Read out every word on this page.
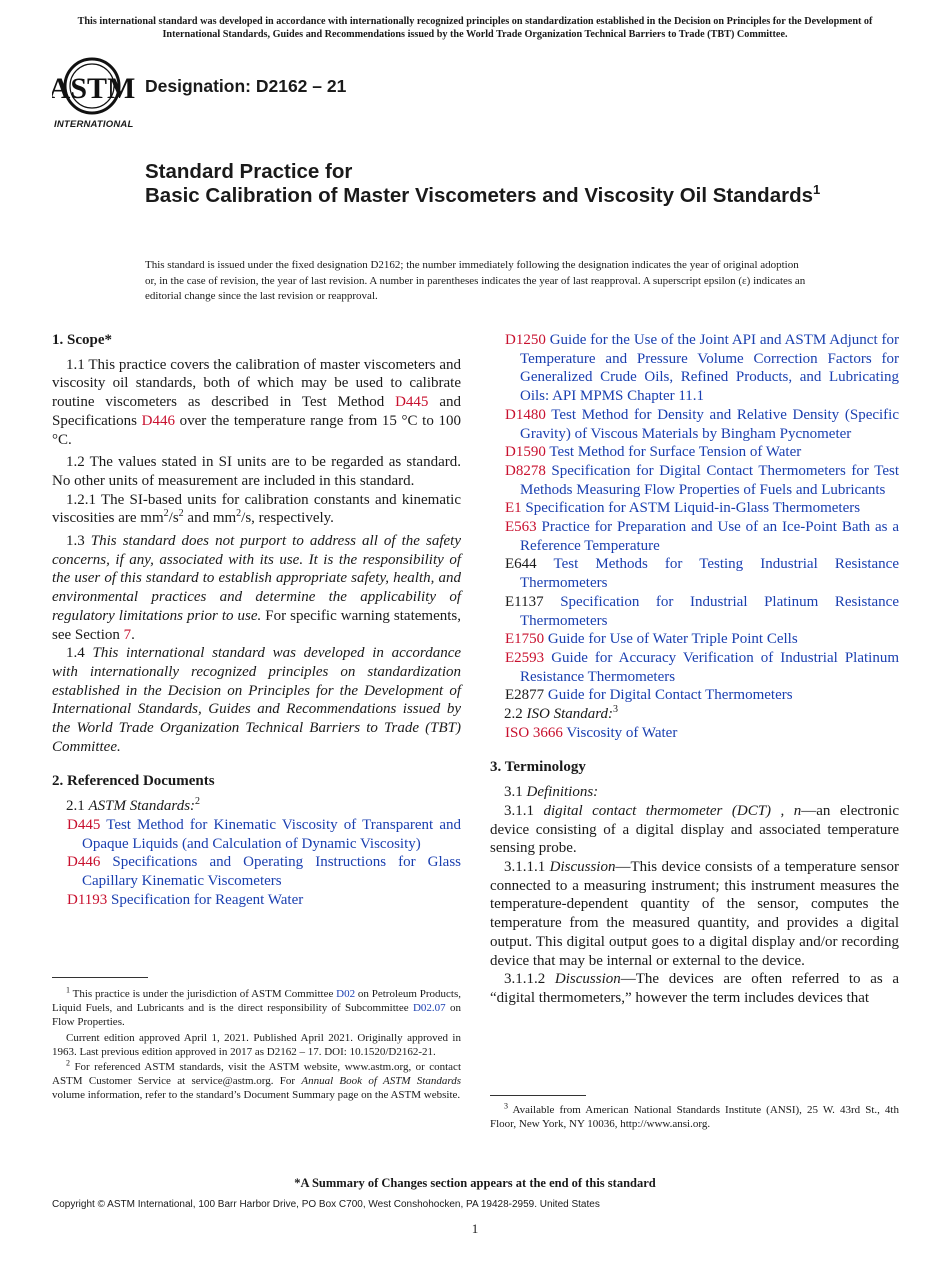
This international standard was developed in accordance with internationally recognized principles on standardization established in the Decision on Principles for the Development of International Standards, Guides and Recommendations issued by the World Trade Organization Technical Barriers to Trade (TBT) Committee.
ASTM
INTERNATIONAL
Designation: D2162 – 21
Standard Practice for
Basic Calibration of Master Viscometers and Viscosity Oil Standards$^1$
This standard is issued under the fixed designation D2162; the number immediately following the designation indicates the year of original adoption or, in the case of revision, the year of last revision. A number in parentheses indicates the year of last reapproval. A superscript epsilon (ε) indicates an editorial change since the last revision or reapproval.
1. Scope*

1.1 This practice covers the calibration of master viscometers and viscosity oil standards, both of which may be used to calibrate routine viscometers as described in Test Method D445 and Specifications D446 over the temperature range from 15 °C to 100 °C.

1.2 The values stated in SI units are to be regarded as standard. No other units of measurement are included in this standard.

1.2.1 The SI-based units for calibration constants and kinematic viscosities are $mm^2/s^2$ and $mm^2/s$, respectively.

1.3 This standard does not purport to address all of the safety concerns, if any, associated with its use. It is the responsibility of the user of this standard to establish appropriate safety, health, and environmental practices and determine the applicability of regulatory limitations prior to use. For specific warning statements, see Section 7.

1.4 This international standard was developed in accordance with internationally recognized principles on standardization established in the Decision on Principles for the Development of International Standards, Guides and Recommendations issued by the World Trade Organization Technical Barriers to Trade (TBT) Committee.

2. Referenced Documents

2.1 ASTM Standards:$^2$

D445 Test Method for Kinematic Viscosity of Transparent and Opaque Liquids (and Calculation of Dynamic Viscosity)

D446 Specifications and Operating Instructions for Glass Capillary Kinematic Viscometers

D1193 Specification for Reagent Water

$^1$ This practice is under the jurisdiction of ASTM Committee D02 on Petroleum Products, Liquid Fuels, and Lubricants and is the direct responsibility of Subcommittee D02.07 on Flow Properties.

Current edition approved April 1, 2021. Published April 2021. Originally approved in 1963. Last previous edition approved in 2017 as D2162 – 17. DOI: 10.1520/D2162-21.

$^2$ For referenced ASTM standards, visit the ASTM website, www.astm.org, or contact ASTM Customer Service at service@astm.org. For Annual Book of ASTM Standards volume information, refer to the standard’s Document Summary page on the ASTM website.

D1250 Guide for the Use of the Joint API and ASTM Adjunct for Temperature and Pressure Volume Correction Factors for Generalized Crude Oils, Refined Products, and Lubricating Oils: API MPMS Chapter 11.1

D1480 Test Method for Density and Relative Density (Specific Gravity) of Viscous Materials by Bingham Pycnometer

D1590 Test Method for Surface Tension of Water

D8278 Specification for Digital Contact Thermometers for Test Methods Measuring Flow Properties of Fuels and Lubricants

E1 Specification for ASTM Liquid-in-Glass Thermometers

E563 Practice for Preparation and Use of an Ice-Point Bath as a Reference Temperature

E644 Test Methods for Testing Industrial Resistance Thermometers

E1137 Specification for Industrial Platinum Resistance Thermometers

E1750 Guide for Use of Water Triple Point Cells

E2593 Guide for Accuracy Verification of Industrial Platinum Resistance Thermometers

E2877 Guide for Digital Contact Thermometers

2.2 ISO Standard:$^3$

ISO 3666 Viscosity of Water

3. Terminology

3.1 Definitions:

3.1.1 digital contact thermometer (DCT) , n—an electronic device consisting of a digital display and associated temperature sensing probe.

3.1.1.1 Discussion—This device consists of a temperature sensor connected to a measuring instrument; this instrument measures the temperature-dependent quantity of the sensor, computes the temperature from the measured quantity, and provides a digital output. This digital output goes to a digital display and/or recording device that may be internal or external to the device.

3.1.1.2 Discussion—The devices are often referred to as a “digital thermometers,” however the term includes devices that

$^3$ Available from American National Standards Institute (ANSI), 25 W. 43rd St., 4th Floor, New York, NY 10036, http://www.ansi.org.

*A Summary of Changes section appears at the end of this standard
Copyright © ASTM International, 100 Barr Harbor Drive, PO Box C700, West Conshohocken, PA 19428-2959. United States
1
